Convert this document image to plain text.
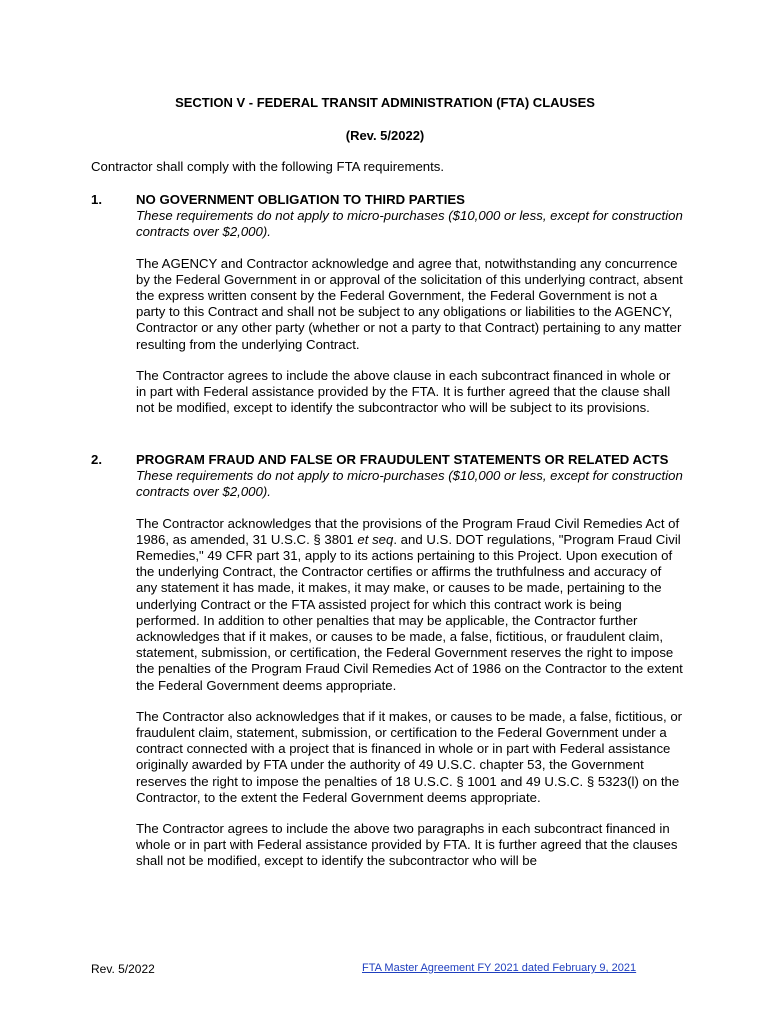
SECTION V - FEDERAL TRANSIT ADMINISTRATION (FTA) CLAUSES
(Rev. 5/2022)

Contractor shall comply with the following FTA requirements.

1.	NO GOVERNMENT OBLIGATION TO THIRD PARTIES

These requirements do not apply to micro-purchases ($10,000 or less, except for construction contracts over $2,000).

The AGENCY and Contractor acknowledge and agree that, notwithstanding any concurrence by the Federal Government in or approval of the solicitation of this underlying contract, absent the express written consent by the Federal Government, the Federal Government is not a party to this Contract and shall not be subject to any obligations or liabilities to the AGENCY, Contractor or any other party (whether or not a party to that Contract) pertaining to any matter resulting from the underlying Contract.

The Contractor agrees to include the above clause in each subcontract financed in whole or in part with Federal assistance provided by the FTA. It is further agreed that the clause shall not be modified, except to identify the subcontractor who will be subject to its provisions.

2.	PROGRAM FRAUD AND FALSE OR FRAUDULENT STATEMENTS OR RELATED ACTS

These requirements do not apply to micro-purchases ($10,000 or less, except for construction contracts over $2,000).

The Contractor acknowledges that the provisions of the Program Fraud Civil Remedies Act of 1986, as amended, 31 U.S.C. § 3801 et seq. and U.S. DOT regulations, "Program Fraud Civil Remedies," 49 CFR part 31, apply to its actions pertaining to this Project. Upon execution of the underlying Contract, the Contractor certifies or affirms the truthfulness and accuracy of any statement it has made, it makes, it may make, or causes to be made, pertaining to the underlying Contract or the FTA assisted project for which this contract work is being performed. In addition to other penalties that may be applicable, the Contractor further acknowledges that if it makes, or causes to be made, a false, fictitious, or fraudulent claim, statement, submission, or certification, the Federal Government reserves the right to impose the penalties of the Program Fraud Civil Remedies Act of 1986 on the Contractor to the extent the Federal Government deems appropriate.

The Contractor also acknowledges that if it makes, or causes to be made, a false, fictitious, or fraudulent claim, statement, submission, or certification to the Federal Government under a contract connected with a project that is financed in whole or in part with Federal assistance originally awarded by FTA under the authority of 49 U.S.C. chapter 53, the Government reserves the right to impose the penalties of 18 U.S.C. § 1001 and 49 U.S.C. § 5323(l) on the Contractor, to the extent the Federal Government deems appropriate.

The Contractor agrees to include the above two paragraphs in each subcontract financed in whole or in part with Federal assistance provided by FTA. It is further agreed that the clauses shall not be modified, except to identify the subcontractor who will be

Rev. 5/2022	FTA Master Agreement FY 2021 dated February 9, 2021
